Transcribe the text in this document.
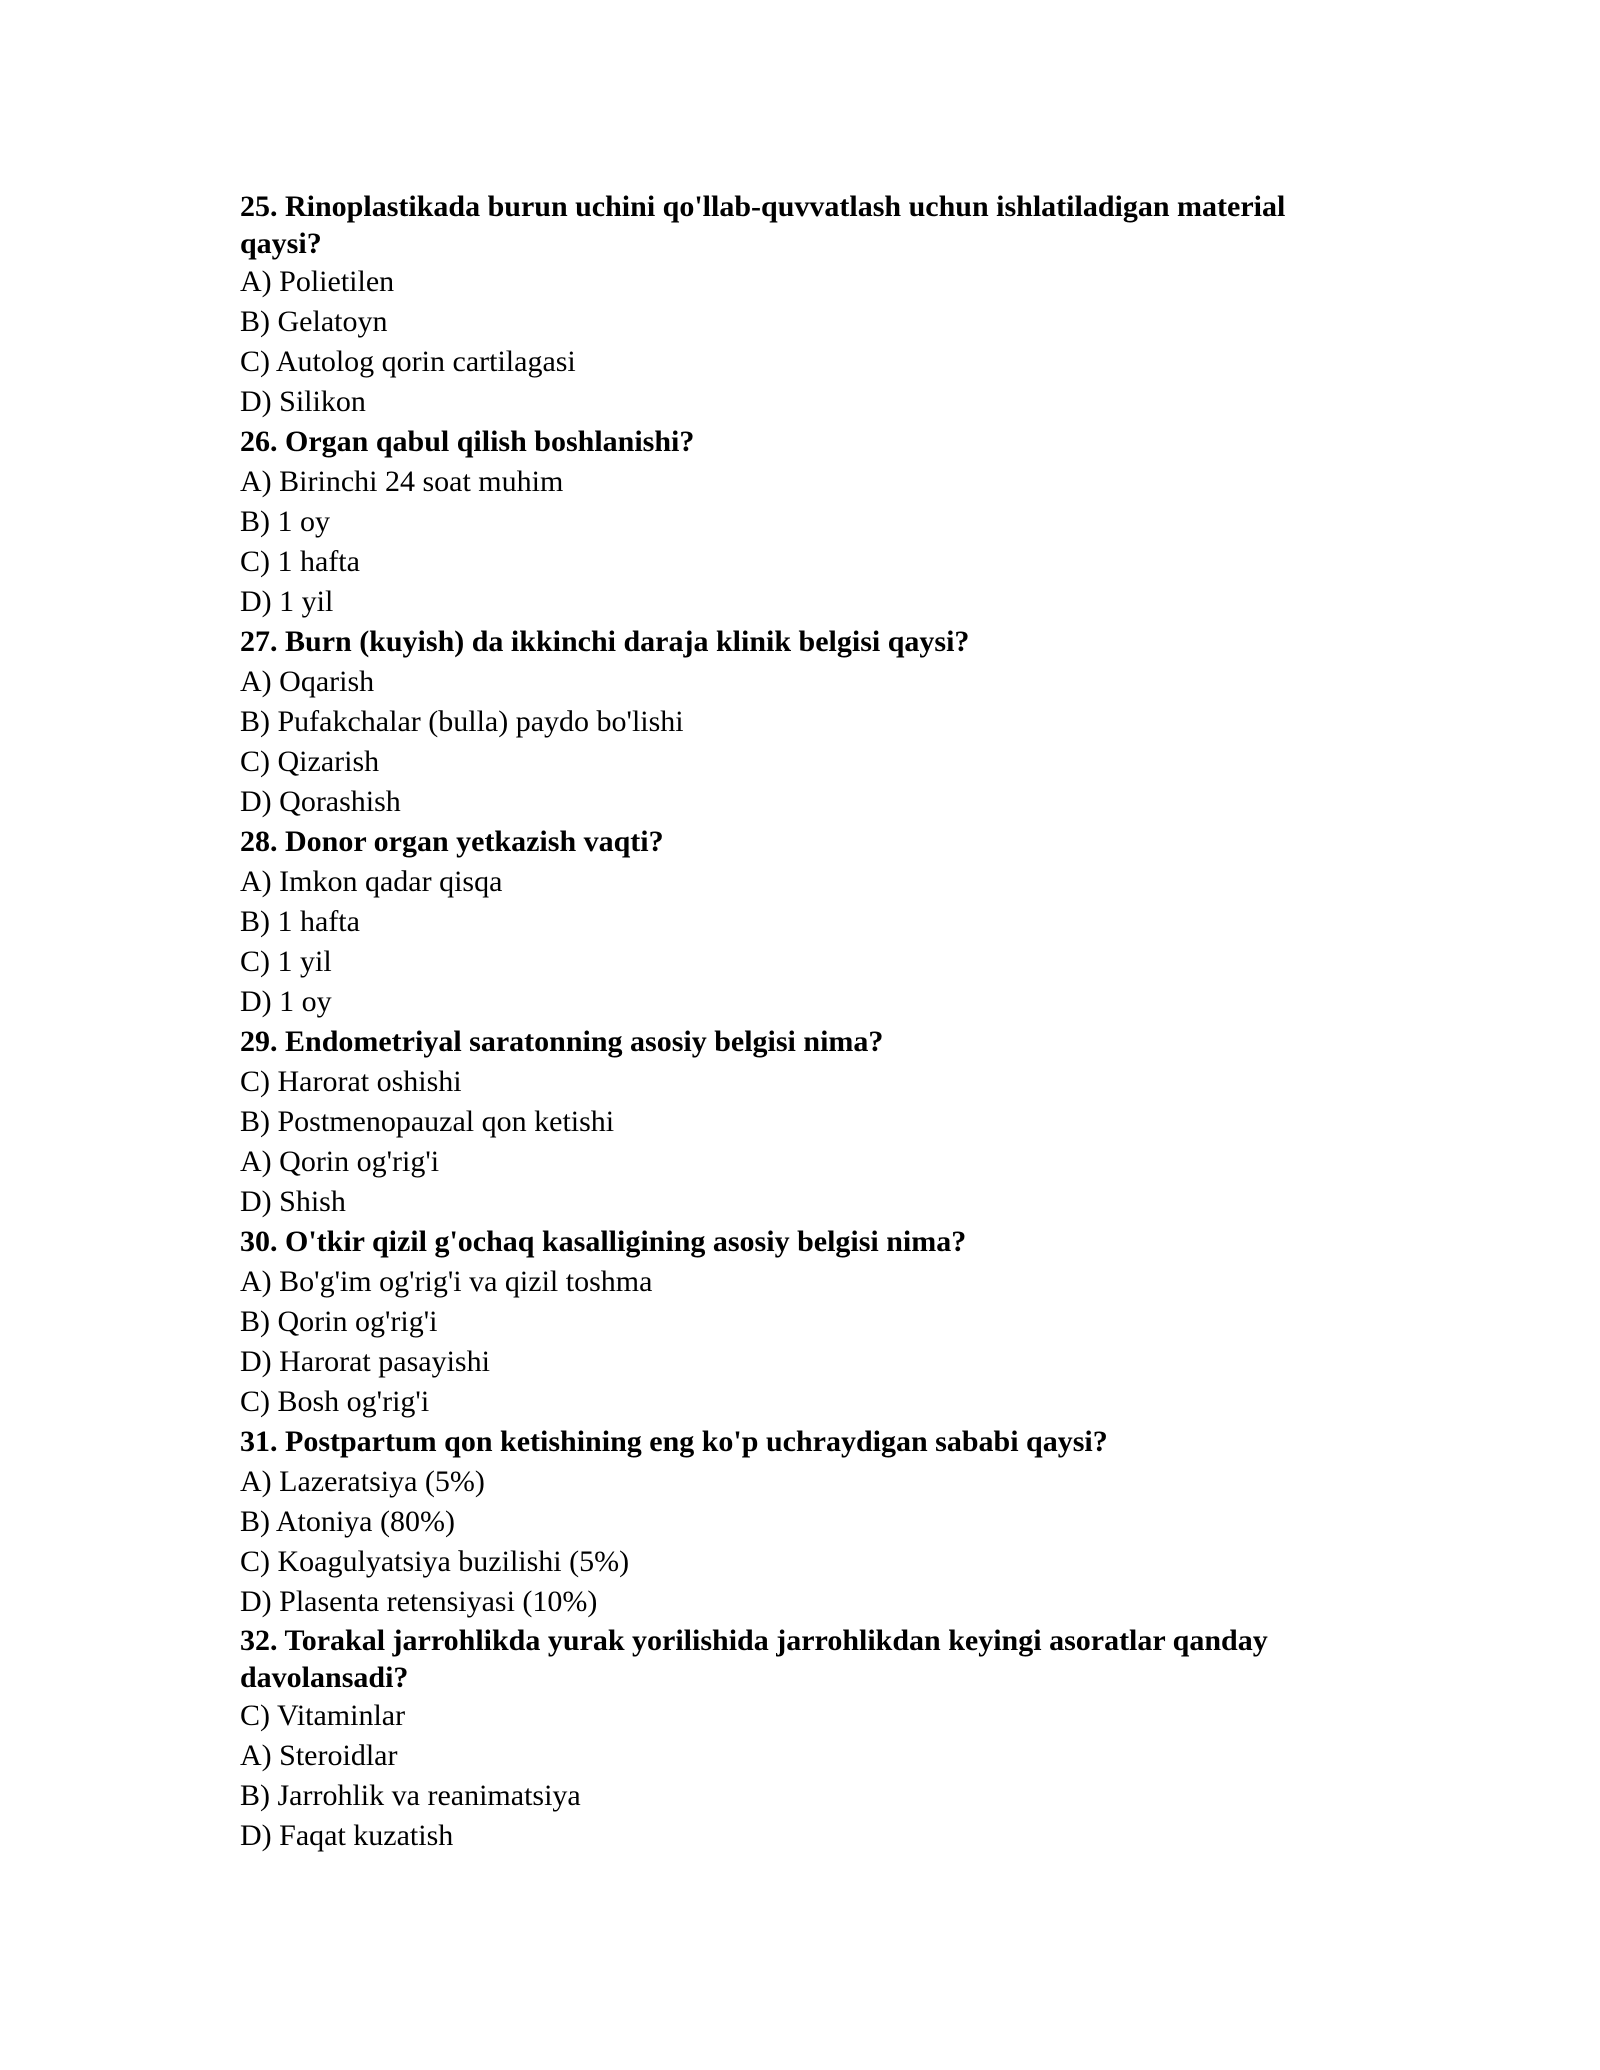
25. Rinoplastikada burun uchini qo'llab-quvvatlash uchun ishlatiladigan material qaysi?

A) Polietilen

B) Gelatoyn

C) Autolog qorin cartilagasi

D) Silikon

26. Organ qabul qilish boshlanishi?

A) Birinchi 24 soat muhim

B) 1 oy

C) 1 hafta

D) 1 yil

27. Burn (kuyish) da ikkinchi daraja klinik belgisi qaysi?

A) Oqarish

B) Pufakchalar (bulla) paydo bo'lishi

C) Qizarish

D) Qorashish

28. Donor organ yetkazish vaqti?

A) Imkon qadar qisqa

B) 1 hafta

C) 1 yil

D) 1 oy

29. Endometriyal saratonning asosiy belgisi nima?

C) Harorat oshishi

B) Postmenopauzal qon ketishi

A) Qorin og'rig'i

D) Shish

30. O'tkir qizil g'ochaq kasalligining asosiy belgisi nima?

A) Bo'g'im og'rig'i va qizil toshma

B) Qorin og'rig'i

D) Harorat pasayishi

C) Bosh og'rig'i

31. Postpartum qon ketishining eng ko'p uchraydigan sababi qaysi?

A) Lazeratsiya (5%)

B) Atoniya (80%)

C) Koagulyatsiya buzilishi (5%)

D) Plasenta retensiyasi (10%)

32. Torakal jarrohlikda yurak yorilishida jarrohlikdan keyingi asoratlar qanday davolansadi?

C) Vitaminlar

A) Steroidlar

B) Jarrohlik va reanimatsiya

D) Faqat kuzatish
